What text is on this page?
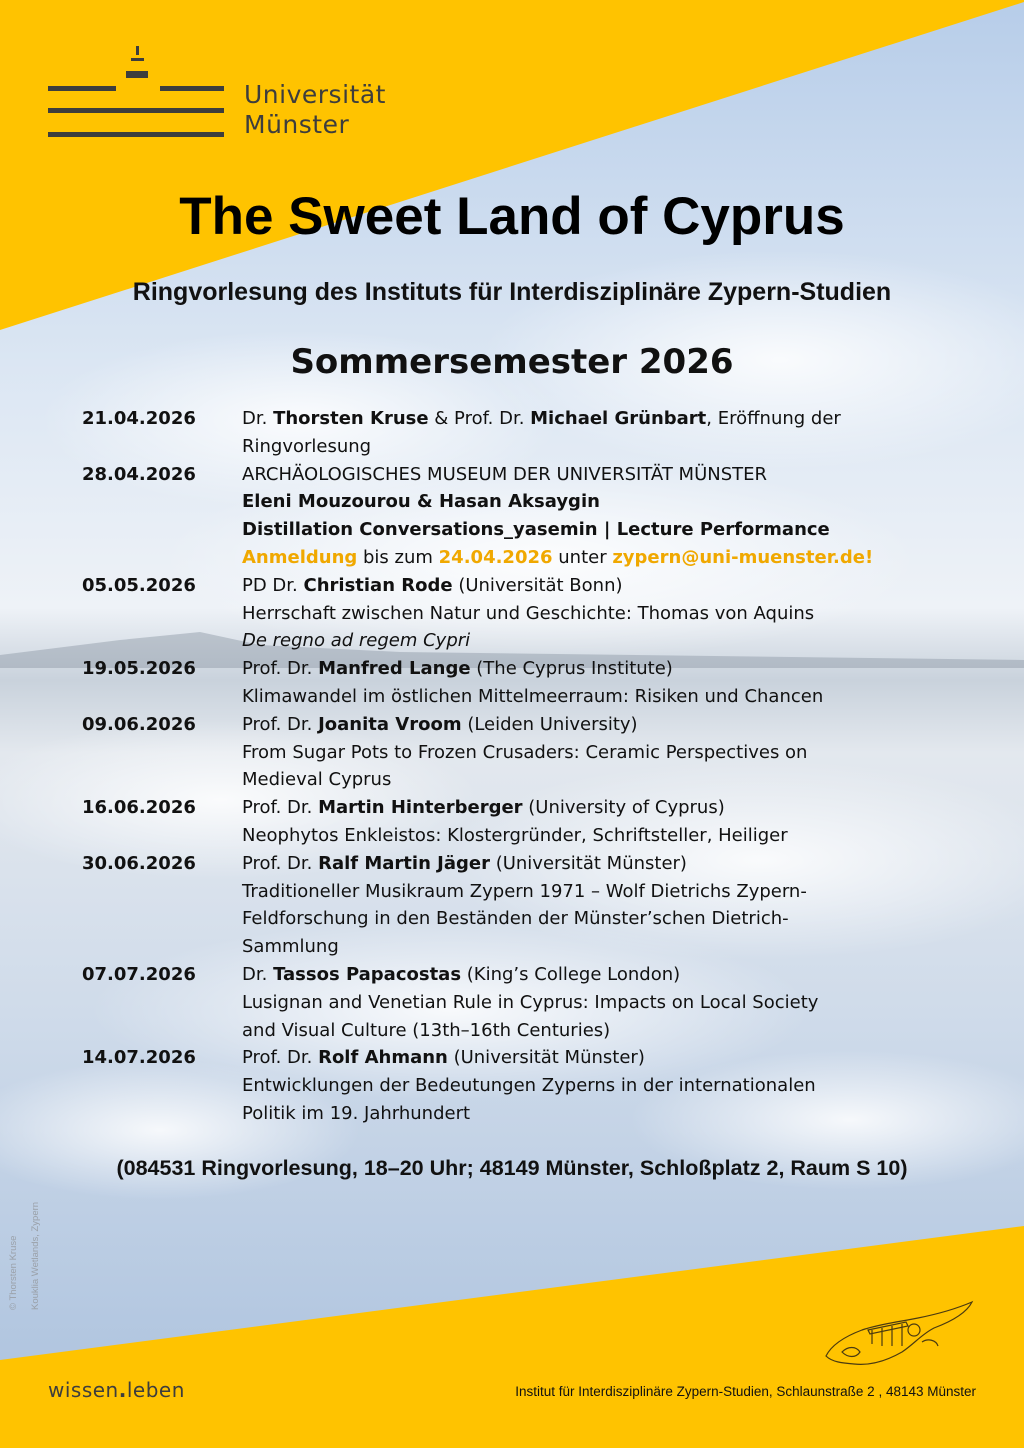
Universität
Münster
The Sweet Land of Cyprus
Ringvorlesung des Instituts für Interdisziplinäre Zypern-Studien
Sommersemester 2026
21.04.2026	Dr. Thorsten Kruse & Prof. Dr. Michael Grünbart, Eröffnung der
Ringvorlesung
28.04.2026	ARCHÄOLOGISCHES MUSEUM DER UNIVERSITÄT MÜNSTER
Eleni Mouzourou & Hasan Aksaygin
Distillation Conversations_yasemin | Lecture Performance
Anmeldung bis zum 24.04.2026 unter zypern@uni-muenster.de!
05.05.2026	PD Dr. Christian Rode (Universität Bonn)
Herrschaft zwischen Natur und Geschichte: Thomas von Aquins
De regno ad regem Cypri
19.05.2026	Prof. Dr. Manfred Lange (The Cyprus Institute)
Klimawandel im östlichen Mittelmeerraum: Risiken und Chancen
09.06.2026	Prof. Dr. Joanita Vroom (Leiden University)
From Sugar Pots to Frozen Crusaders: Ceramic Perspectives on
Medieval Cyprus
16.06.2026	Prof. Dr. Martin Hinterberger (University of Cyprus)
Neophytos Enkleistos: Klostergründer, Schriftsteller, Heiliger
30.06.2026	Prof. Dr. Ralf Martin Jäger (Universität Münster)
Traditioneller Musikraum Zypern 1971 – Wolf Dietrichs Zypern-
Feldforschung in den Beständen der Münster’schen Dietrich-
Sammlung
07.07.2026	Dr. Tassos Papacostas (King’s College London)
Lusignan and Venetian Rule in Cyprus: Impacts on Local Society
and Visual Culture (13th–16th Centuries)
14.07.2026	Prof. Dr. Rolf Ahmann (Universität Münster)
Entwicklungen der Bedeutungen Zyperns in der internationalen
Politik im 19. Jahrhundert
(084531 Ringvorlesung, 18–20 Uhr; 48149 Münster, Schloßplatz 2, Raum S 10)
© Thorsten Kruse Kouklia Wetlands, Zypern
wissen.leben	Institut für Interdisziplinäre Zypern-Studien, Schlaunstraße 2 , 48143 Münster
